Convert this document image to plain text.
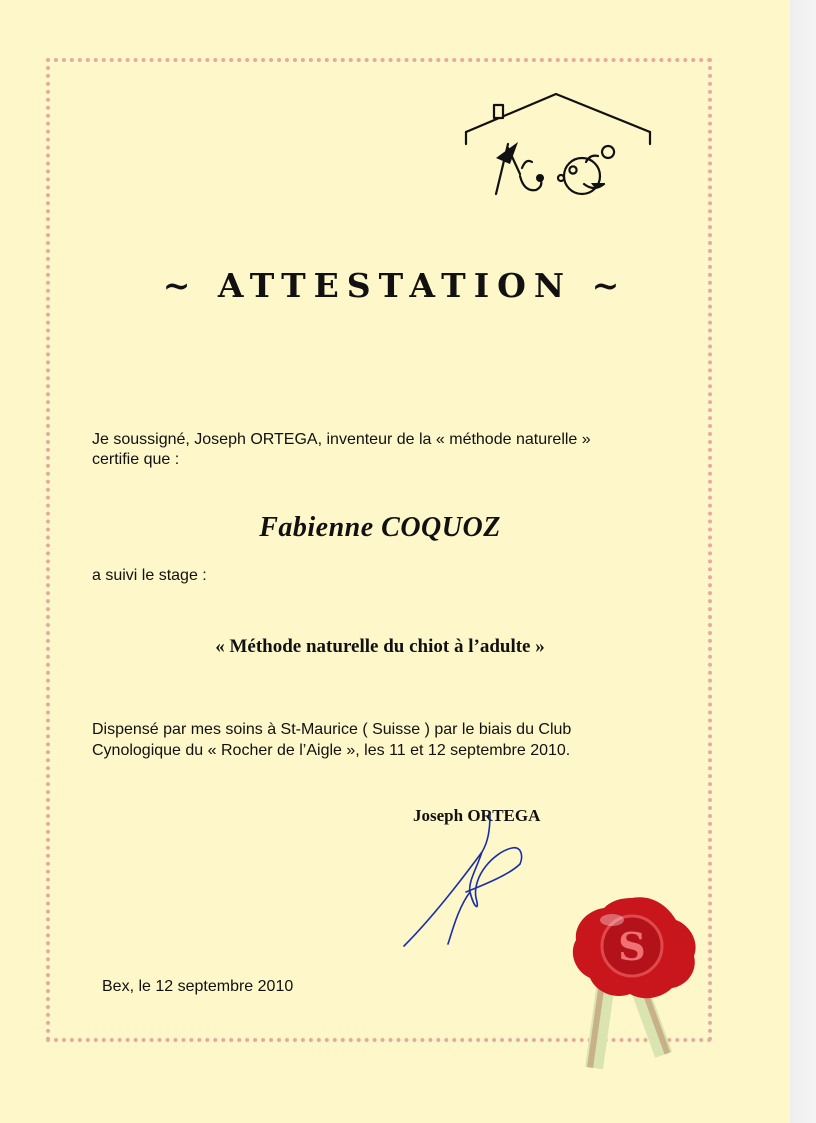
~ ATTESTATION ~
Je soussigné, Joseph ORTEGA, inventeur de la « méthode naturelle »
certifie que :
Fabienne COQUOZ
a suivi le stage :
« Méthode naturelle du chiot à l’adulte »
Dispensé par mes soins à St-Maurice ( Suisse ) par le biais du Club
Cynologique du « Rocher de l’Aigle », les 11 et 12 septembre 2010.
Joseph ORTEGA
S
Bex, le 12 septembre 2010
